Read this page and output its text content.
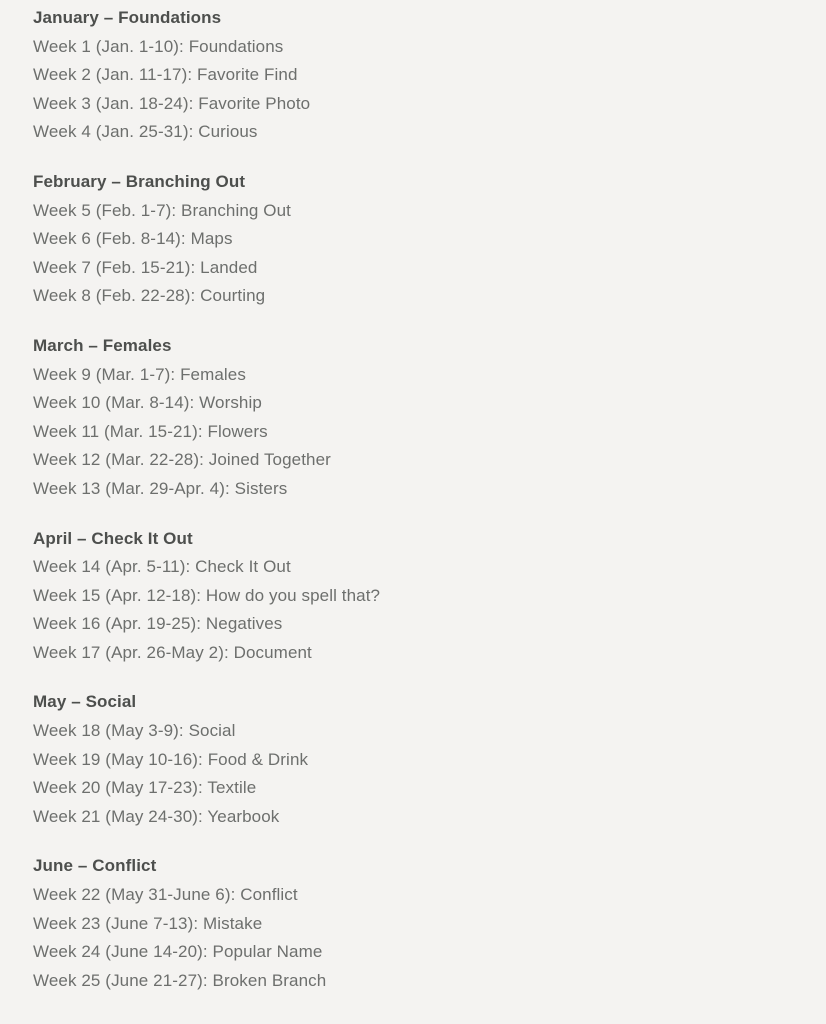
January – Foundations

Week 1 (Jan. 1-10): Foundations

Week 2 (Jan. 11-17): Favorite Find

Week 3 (Jan. 18-24): Favorite Photo

Week 4 (Jan. 25-31): Curious

February – Branching Out

Week 5 (Feb. 1-7): Branching Out

Week 6 (Feb. 8-14): Maps

Week 7 (Feb. 15-21): Landed

Week 8 (Feb. 22-28): Courting

March – Females

Week 9 (Mar. 1-7): Females

Week 10 (Mar. 8-14): Worship

Week 11 (Mar. 15-21): Flowers

Week 12 (Mar. 22-28): Joined Together

Week 13 (Mar. 29-Apr. 4): Sisters

April – Check It Out

Week 14 (Apr. 5-11): Check It Out

Week 15 (Apr. 12-18): How do you spell that?

Week 16 (Apr. 19-25): Negatives

Week 17 (Apr. 26-May 2): Document

May – Social

Week 18 (May 3-9): Social

Week 19 (May 10-16): Food & Drink

Week 20 (May 17-23): Textile

Week 21 (May 24-30): Yearbook

June – Conflict

Week 22 (May 31-June 6): Conflict

Week 23 (June 7-13): Mistake

Week 24 (June 14-20): Popular Name

Week 25 (June 21-27): Broken Branch
